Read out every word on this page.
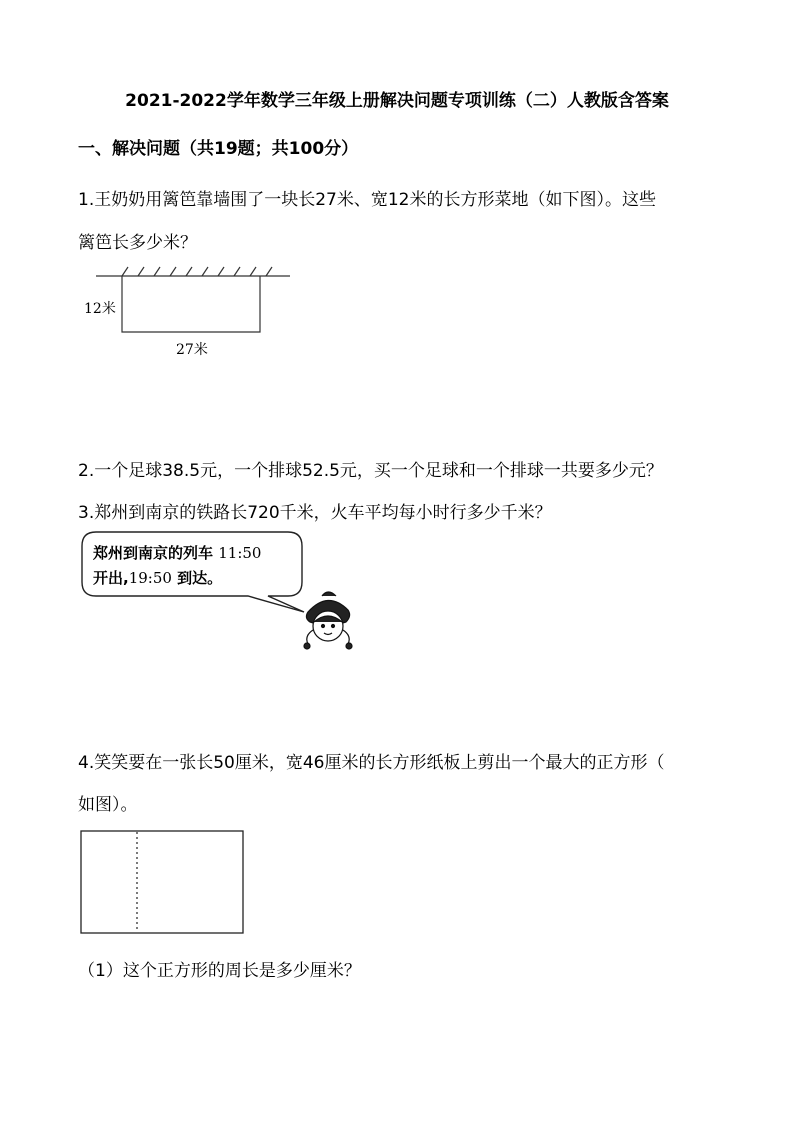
2021-2022学年数学三年级上册解决问题专项训练（二）人教版含答案
一、解决问题（共19题；共100分）
1.王奶奶用篱笆靠墙围了一块长27米、宽12米的长方形菜地（如下图）。这些
篱笆长多少米？
12米
27米
2.一个足球38.5元，一个排球52.5元，买一个足球和一个排球一共要多少元？
3.郑州到南京的铁路长720千米，火车平均每小时行多少千米？
郑州到南京的列车 11:50
开出,19:50 到达。
4.笑笑要在一张长50厘米，宽46厘米的长方形纸板上剪出一个最大的正方形（
如图）。
（1）这个正方形的周长是多少厘米？
